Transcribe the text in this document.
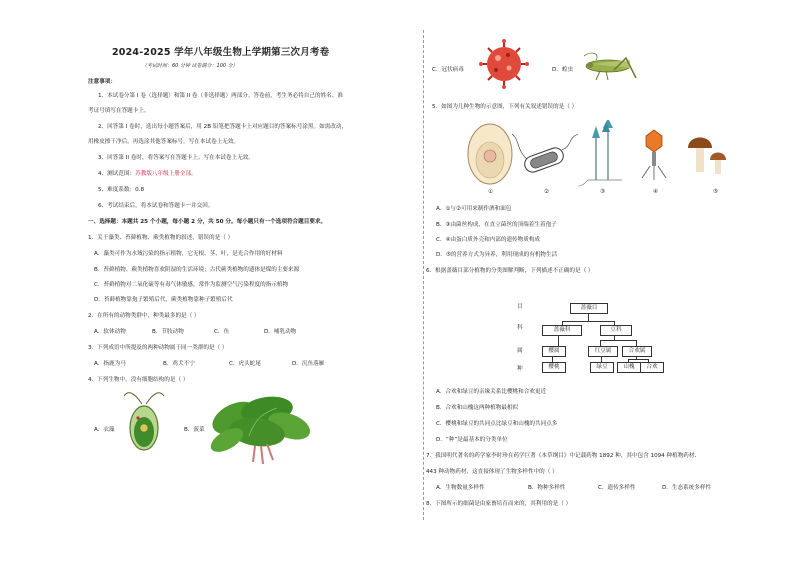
2024-2025 学年八年级生物上学期第三次月考卷
（考试时间：60 分钟 试卷满分：100 分）
注意事项：
1、本试卷分第 I 卷（选择题）和第 II 卷（非选择题）两部分。答卷前，考生务必将自己的姓名、准
考证号填写在答题卡上。
2、回答第 I 卷时，选出每小题答案后，用 2B 铅笔把答题卡上对应题目的答案标号涂黑。如需改动，
用橡皮擦干净后，再选涂其他答案标号。写在本试卷上无效。
3、回答第 II 卷时，将答案写在答题卡上。写在本试卷上无效。
4、测试范围：苏教版八年级上册全部。
5、难度系数：0.8
6、考试结束后，将本试卷和答题卡一并交回。
一、选择题：本题共 25 个小题，每小题 2 分，共 50 分。每小题只有一个选项符合题目要求。
1．关于藻类、苔藓植物、蕨类植物的叙述，错误的是（ ）
A．藻类可作为水域污染的指示植物，它无根、茎、叶，是光合作用的好材料
B．苔藓植物、蕨类植物喜欢阴湿的生活环境；古代蕨类植物的遗体是煤的主要来源
C．苔藓植物对二氧化硫等有毒气体敏感，常作为监测空气污染程度的指示植物
D．苔藓植物靠孢子繁殖后代，蕨类植物靠种子繁殖后代
2．在所有的动物类群中，种类最多的是（ ）
A．软体动物	B．节肢动物	C．鱼	D．哺乳动物
3．下列成语中所提及的两种动物属于同一类群的是（ ）
A．指鹿为马	B．鸡犬不宁	C．虎头蛇尾	D．沉鱼落雁
4．下列生物中，没有细胞结构的是（ ）
A．衣藻	B．菠菜
C．冠状病毒	D．蝗虫
5．如图为几种生物的示意图，下列有关叙述错误的是（ ）
①	②	③	④	⑤
A．①与②可用来制作酒和面包
B．③由菌丝构成，在直立菌丝的顶端着生着孢子
C．④由蛋白质外壳和内部的遗传物质构成
D．⑤的营养方式为异养，利用现成的有机物生活
6．根据蔷薇目部分植物的分类图解判断，下列描述不正确的是（ ）
目
科
属
种
蔷薇目
蔷薇科	豆科
樱属	红豆属	合欢属
樱桃	绿豆	山槐	合欢
A．合欢和绿豆的亲缘关系比樱桃和合欢更近
B．合欢和山槐这两种植物最相似
C．樱桃和绿豆的共同点比绿豆和山槐的共同点多
D．“种”是最基本的分类单位
7．我国明代著名的药学家李时珍在药学巨著《本草纲目》中记载药物 1892 种，其中包含 1094 种植物药材、
443 种动物药材，这直接体现了生物多样性中的（ ）
A．生物数量多样性	B．物种多样性	C．遗传多样性	D．生态系统多样性
8．下图所示的细菌是由家畜培育而来的，其利用的是（ ）
